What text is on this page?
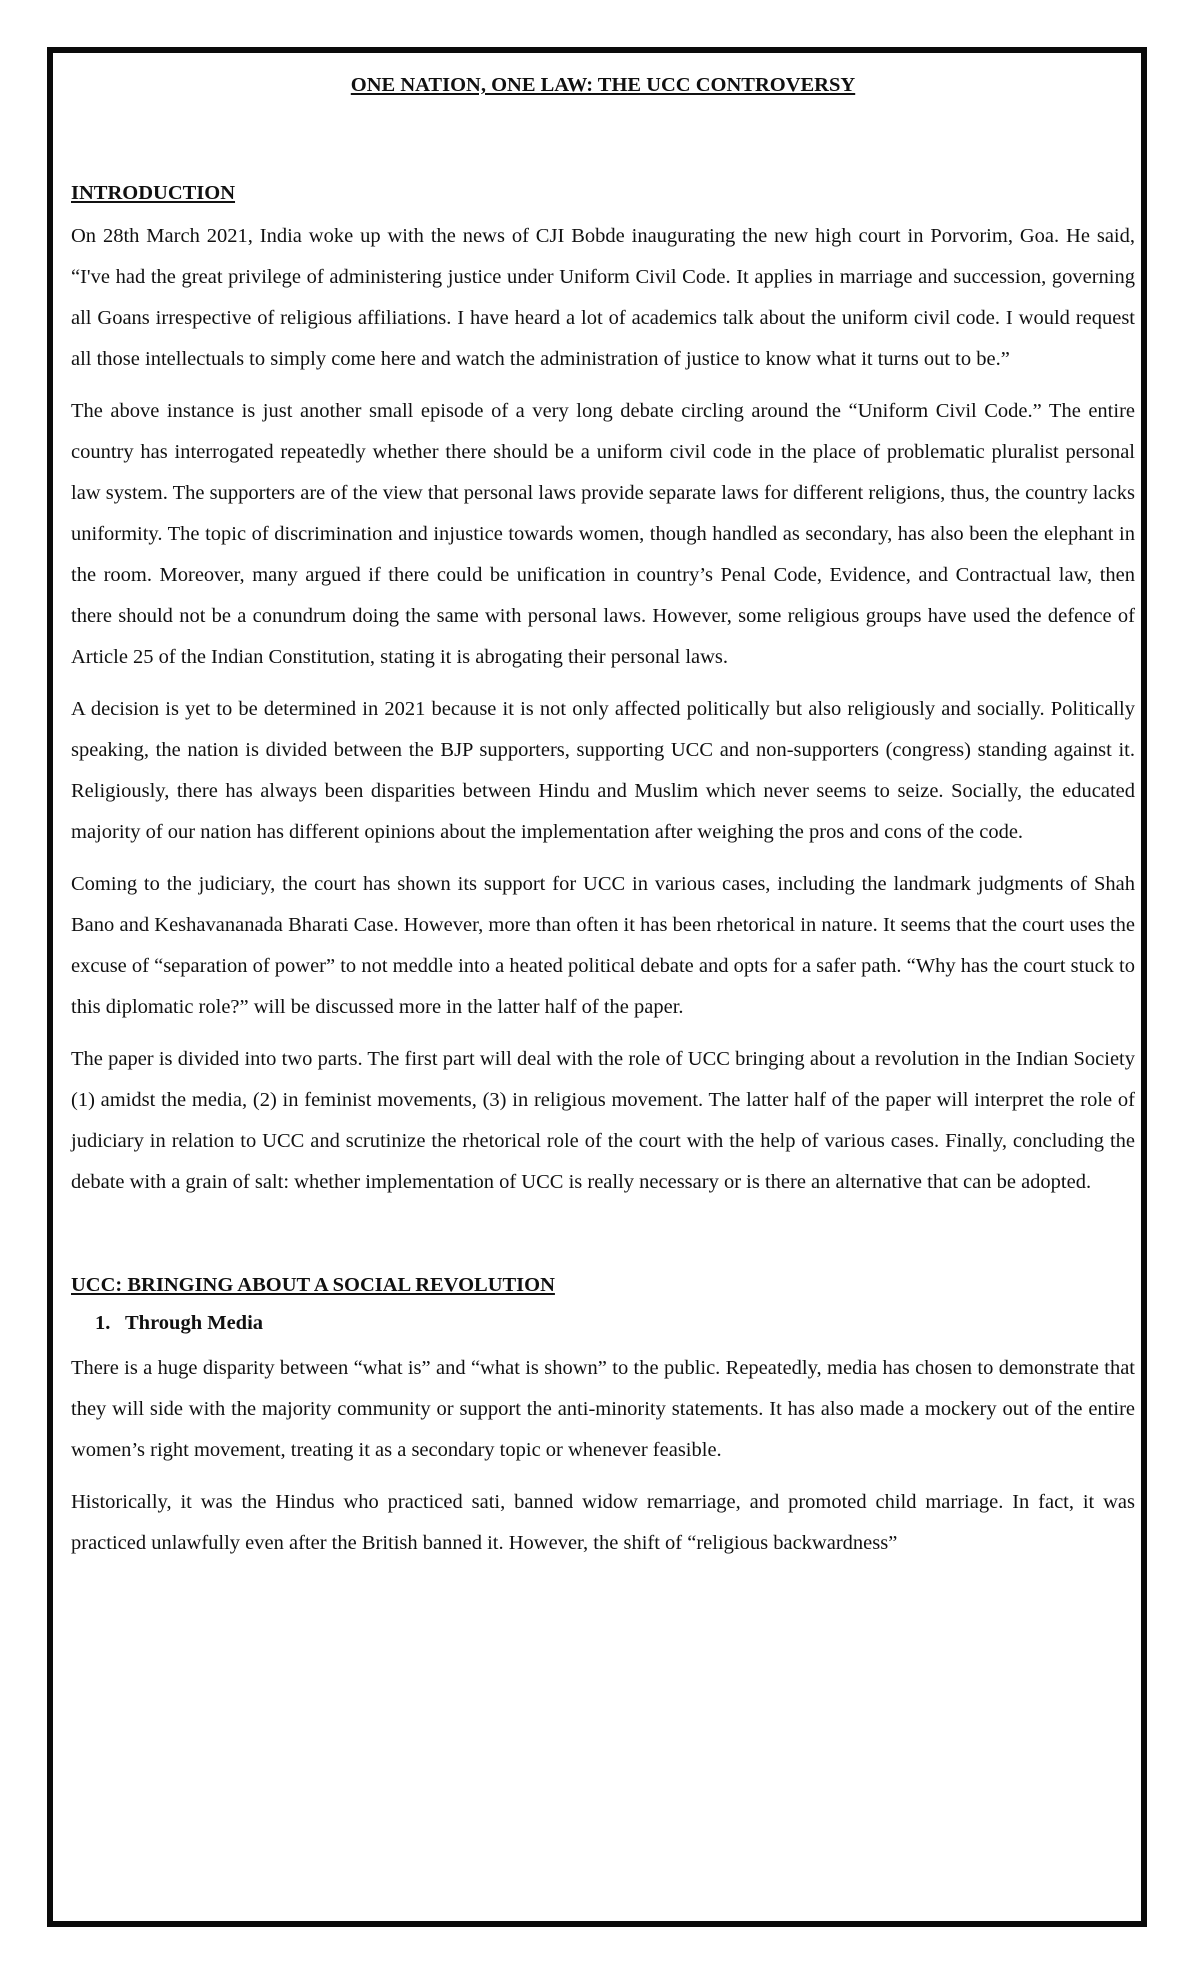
ONE NATION, ONE LAW: THE UCC CONTROVERSY
INTRODUCTION

On 28th March 2021, India woke up with the news of CJI Bobde inaugurating the new high court in Porvorim, Goa. He said, “I've had the great privilege of administering justice under Uniform Civil Code. It applies in marriage and succession, governing all Goans irrespective of religious affiliations. I have heard a lot of academics talk about the uniform civil code. I would request all those intellectuals to simply come here and watch the administration of justice to know what it turns out to be.”

The above instance is just another small episode of a very long debate circling around the “Uniform Civil Code.” The entire country has interrogated repeatedly whether there should be a uniform civil code in the place of problematic pluralist personal law system. The supporters are of the view that personal laws provide separate laws for different religions, thus, the country lacks uniformity. The topic of discrimination and injustice towards women, though handled as secondary, has also been the elephant in the room. Moreover, many argued if there could be unification in country’s Penal Code, Evidence, and Contractual law, then there should not be a conundrum doing the same with personal laws. However, some religious groups have used the defence of Article 25 of the Indian Constitution, stating it is abrogating their personal laws.

A decision is yet to be determined in 2021 because it is not only affected politically but also religiously and socially. Politically speaking, the nation is divided between the BJP supporters, supporting UCC and non-supporters (congress) standing against it. Religiously, there has always been disparities between Hindu and Muslim which never seems to seize. Socially, the educated majority of our nation has different opinions about the implementation after weighing the pros and cons of the code.

Coming to the judiciary, the court has shown its support for UCC in various cases, including the landmark judgments of Shah Bano and Keshavananada Bharati Case. However, more than often it has been rhetorical in nature. It seems that the court uses the excuse of “separation of power” to not meddle into a heated political debate and opts for a safer path. “Why has the court stuck to this diplomatic role?” will be discussed more in the latter half of the paper.

The paper is divided into two parts. The first part will deal with the role of UCC bringing about a revolution in the Indian Society (1) amidst the media, (2) in feminist movements, (3) in religious movement. The latter half of the paper will interpret the role of judiciary in relation to UCC and scrutinize the rhetorical role of the court with the help of various cases. Finally, concluding the debate with a grain of salt: whether implementation of UCC is really necessary or is there an alternative that can be adopted.

UCC: BRINGING ABOUT A SOCIAL REVOLUTION
1. Through Media

There is a huge disparity between “what is” and “what is shown” to the public. Repeatedly, media has chosen to demonstrate that they will side with the majority community or support the anti-minority statements. It has also made a mockery out of the entire women’s right movement, treating it as a secondary topic or whenever feasible.

Historically, it was the Hindus who practiced sati, banned widow remarriage, and promoted child marriage. In fact, it was practiced unlawfully even after the British banned it. However, the shift of “religious backwardness”
